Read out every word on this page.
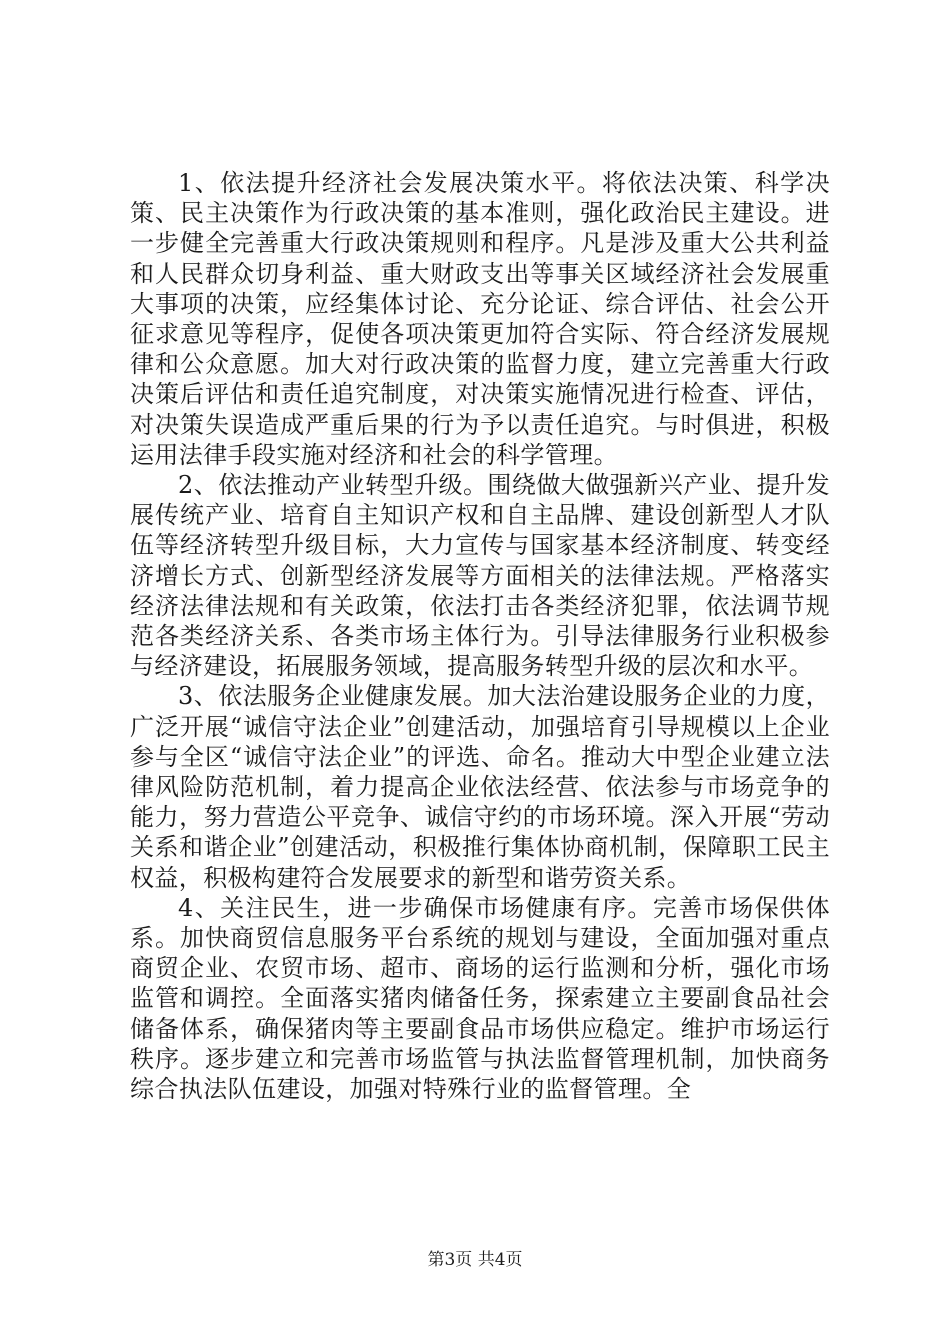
1、依法提升经济社会发展决策水平。将依法决策、科学决策、民主决策作为行政决策的基本准则，强化政治民主建设。进一步健全完善重大行政决策规则和程序。凡是涉及重大公共利益和人民群众切身利益、重大财政支出等事关区域经济社会发展重大事项的决策，应经集体讨论、充分论证、综合评估、社会公开征求意见等程序，促使各项决策更加符合实际、符合经济发展规律和公众意愿。加大对行政决策的监督力度，建立完善重大行政决策后评估和责任追究制度，对决策实施情况进行检查、评估，对决策失误造成严重后果的行为予以责任追究。与时俱进，积极运用法律手段实施对经济和社会的科学管理。

2、依法推动产业转型升级。围绕做大做强新兴产业、提升发展传统产业、培育自主知识产权和自主品牌、建设创新型人才队伍等经济转型升级目标，大力宣传与国家基本经济制度、转变经济增长方式、创新型经济发展等方面相关的法律法规。严格落实经济法律法规和有关政策，依法打击各类经济犯罪，依法调节规范各类经济关系、各类市场主体行为。引导法律服务行业积极参与经济建设，拓展服务领域，提高服务转型升级的层次和水平。

3、依法服务企业健康发展。加大法治建设服务企业的力度，广泛开展“诚信守法企业”创建活动，加强培育引导规模以上企业参与全区“诚信守法企业”的评选、命名。推动大中型企业建立法律风险防范机制，着力提高企业依法经营、依法参与市场竞争的能力，努力营造公平竞争、诚信守约的市场环境。深入开展“劳动关系和谐企业”创建活动，积极推行集体协商机制，保障职工民主权益，积极构建符合发展要求的新型和谐劳资关系。

4、关注民生，进一步确保市场健康有序。完善市场保供体系。加快商贸信息服务平台系统的规划与建设，全面加强对重点商贸企业、农贸市场、超市、商场的运行监测和分析，强化市场监管和调控。全面落实猪肉储备任务，探索建立主要副食品社会储备体系，确保猪肉等主要副食品市场供应稳定。维护市场运行秩序。逐步建立和完善市场监管与执法监督管理机制，加快商务综合执法队伍建设，加强对特殊行业的监督管理。全

第3页 共4页
